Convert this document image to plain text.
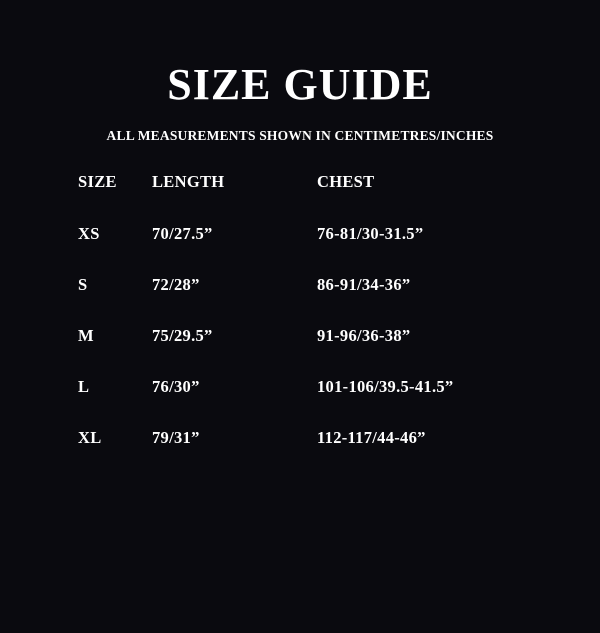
SIZE GUIDE

ALL MEASUREMENTS SHOWN IN CENTIMETRES/INCHES

SIZE	LENGTH	CHEST
XS	70/27.5”	76-81/30-31.5”
S	72/28”	86-91/34-36”
M	75/29.5”	91-96/36-38”
L	76/30”	101-106/39.5-41.5”
XL	79/31”	112-117/44-46”
